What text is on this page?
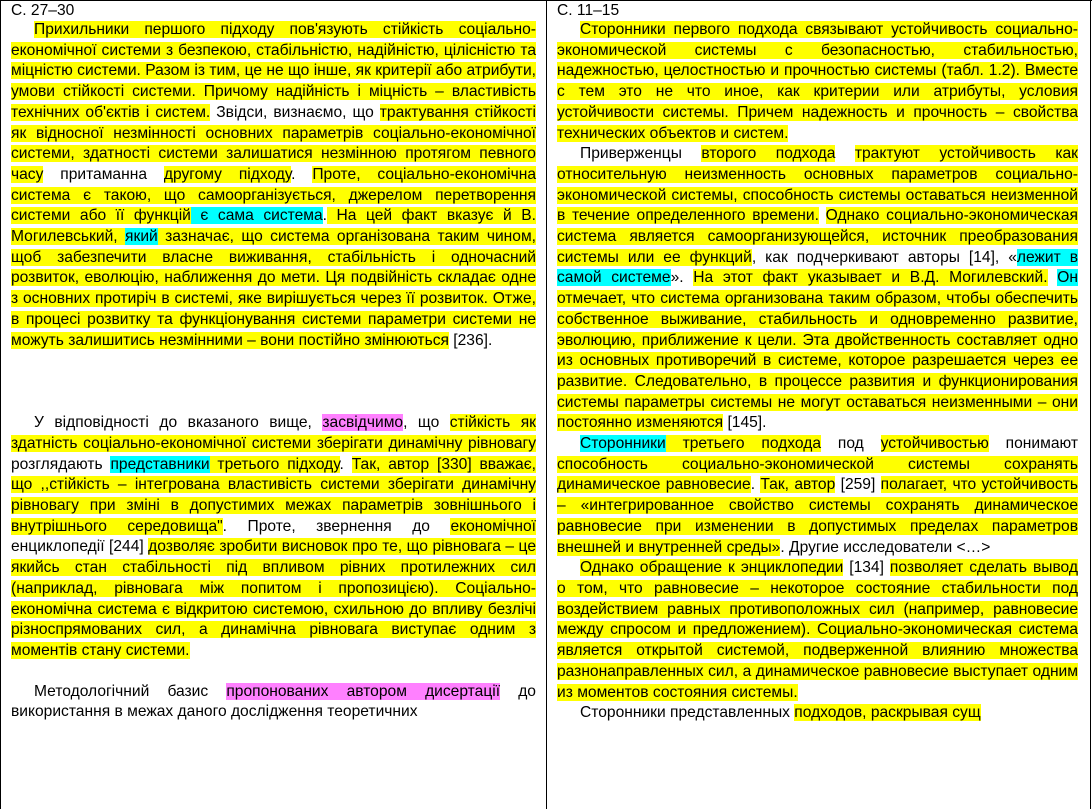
С. 27–30

Прихильники першого підходу пов'язують стійкість соціально-економічної системи з безпекою, стабільністю, надійністю, цілісністю та міцністю системи. Разом із тим, це не що інше, як критерії або атрибути, умови стійкості системи. Причому надійність і міцність – властивість технічних об'єктів і систем. Звідси, визнаємо, що трактування стійкості як відносної незмінності основних параметрів соціально-економічної системи, здатності системи залишатися незмінною протягом певного часу притаманна другому підходу. Проте, соціально-економічна система є такою, що самоорганізується, джерелом перетворення системи або її функцій є сама система. На цей факт вказує й В. Могилевський, який зазначає, що система організована таким чином, щоб забезпечити власне виживання, стабільність і одночасний розвиток, еволюцію, наближення до мети. Ця подвійність складає одне з основних протиріч в системі, яке вирішується через її розвиток. Отже, в процесі розвитку та функціонування системи параметри системи не можуть залишитись незмінними – вони постійно змінюються [236].

У відповідності до вказаного вище, засвідчимо, що стійкість як здатність соціально-економічної системи зберігати динамічну рівновагу розглядають представники третього підходу. Так, автор [330] вважає, що ,,стійкість – інтегрована властивість системи зберігати динамічну рівновагу при зміні в допустимих межах параметрів зовнішнього і внутрішнього середовища". Проте, звернення до економічної енциклопедії [244] дозволяє зробити висновок про те, що рівновага – це якийсь стан стабільності під впливом рівних протилежних сил (наприклад, рівновага між попитом і пропозицією). Соціально-економічна система є відкритою системою, схильною до впливу безлічі різноспрямованих сил, а динамічна рівновага виступає одним з моментів стану системи.

Методологічний базис пропонованих автором дисертації до використання в межах даного дослідження теоретичних

С. 11–15

Сторонники первого подхода связывают устойчивость социально-экономической системы с безопасностью, стабильностью, надежностью, целостностью и прочностью системы (табл. 1.2). Вместе с тем это не что иное, как критерии или атрибуты, условия устойчивости системы. Причем надежность и прочность – свойства технических объектов и систем.

Приверженцы второго подхода трактуют устойчивость как относительную неизменность основных параметров социально-экономической системы, способность системы оставаться неизменной в течение определенного времени. Однако социально-экономическая система является самоорганизующейся, источник преобразования системы или ее функций, как подчеркивают авторы [14], «лежит в самой системе». На этот факт указывает и В.Д. Могилевский. Он отмечает, что система организована таким образом, чтобы обеспечить собственное выживание, стабильность и одновременно развитие, эволюцию, приближение к цели. Эта двойственность составляет одно из основных противоречий в системе, которое разрешается через ее развитие. Следовательно, в процессе развития и функционирования системы параметры системы не могут оставаться неизменными – они постоянно изменяются [145].

Сторонники третьего подхода под устойчивостью понимают способность социально-экономической системы сохранять динамическое равновесие. Так, автор [259] полагает, что устойчивость – «интегрированное свойство системы сохранять динамическое равновесие при изменении в допустимых пределах параметров внешней и внутренней среды». Другие исследователи <…>

Однако обращение к энциклопедии [134] позволяет сделать вывод о том, что равновесие – некоторое состояние стабильности под воздействием равных противоположных сил (например, равновесие между спросом и предложением). Социально-экономическая система является открытой системой, подверженной влиянию множества разнонаправленных сил, а динамическое равновесие выступает одним из моментов состояния системы.

Сторонники представленных подходов, раскрывая сущ
